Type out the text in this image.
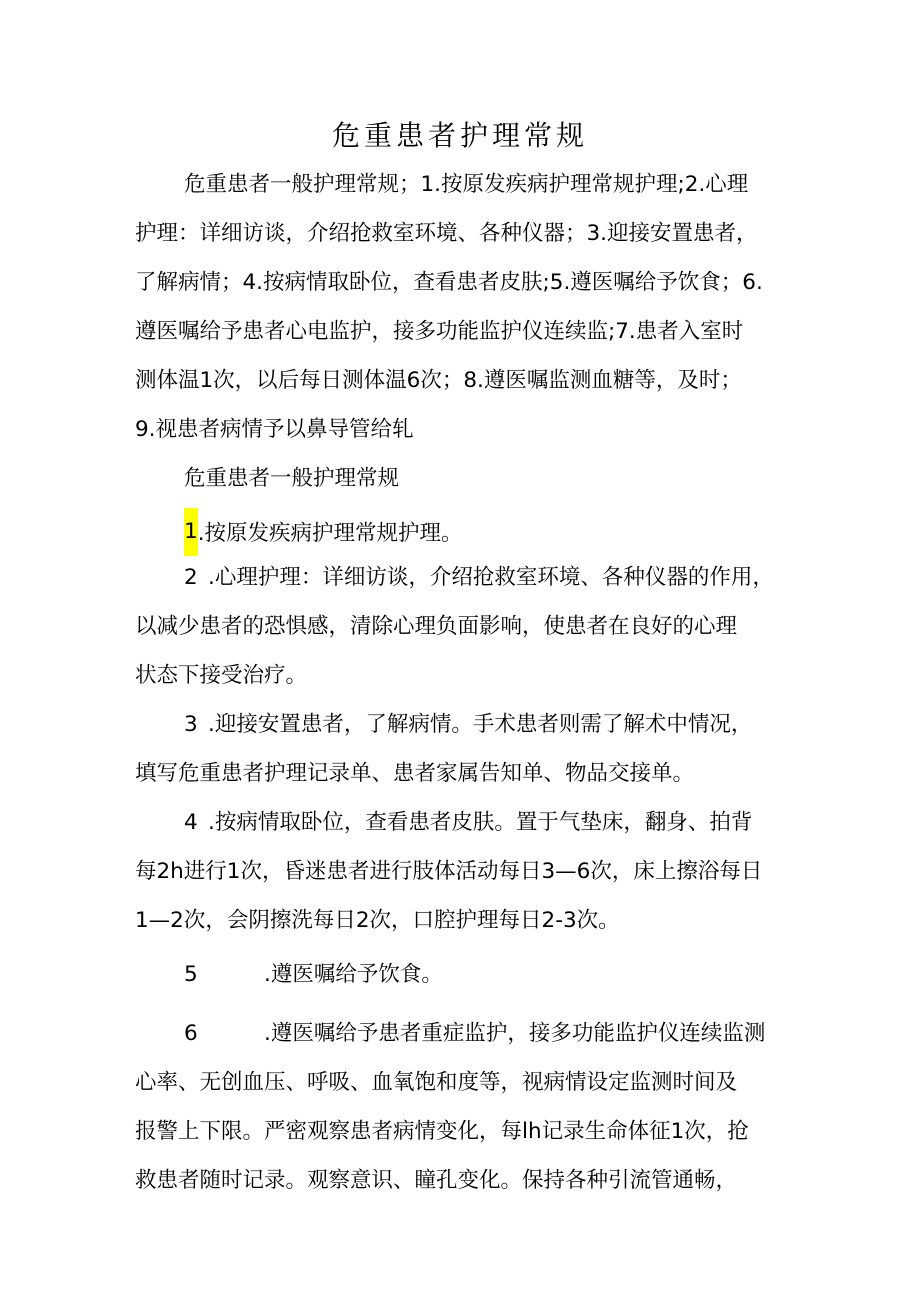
危重患者护理常规
危重患者一般护理常规；1.按原发疾病护理常规护理;2.心理
护理：详细访谈，介绍抢救室环境、各种仪器；3.迎接安置患者，
了解病情；4.按病情取卧位，查看患者皮肤;5.遵医嘱给予饮食；6.
遵医嘱给予患者心电监护，接多功能监护仪连续监;7.患者入室时
测体温1次，以后每日测体温6次；8.遵医嘱监测血糖等，及时；
9.视患者病情予以鼻导管给轧
危重患者一般护理常规
1.按原发疾病护理常规护理。
2 .心理护理：详细访谈，介绍抢救室环境、各种仪器的作用，
以减少患者的恐惧感，清除心理负面影响，使患者在良好的心理
状态下接受治疗。
3 .迎接安置患者，了解病情。手术患者则需了解术中情况，
填写危重患者护理记录单、患者家属告知单、物品交接单。
4 .按病情取卧位，查看患者皮肤。置于气垫床，翻身、拍背
每2h进行1次，昏迷患者进行肢体活动每日3—6次，床上擦浴每日
1—2次，会阴擦洗每日2次，口腔护理每日2-3次。
5	.遵医嘱给予饮食。
6	.遵医嘱给予患者重症监护，接多功能监护仪连续监测
心率、无创血压、呼吸、血氧饱和度等，视病情设定监测时间及
报警上下限。严密观察患者病情变化，每lh记录生命体征1次，抢
救患者随时记录。观察意识、瞳孔变化。保持各种引流管通畅，
